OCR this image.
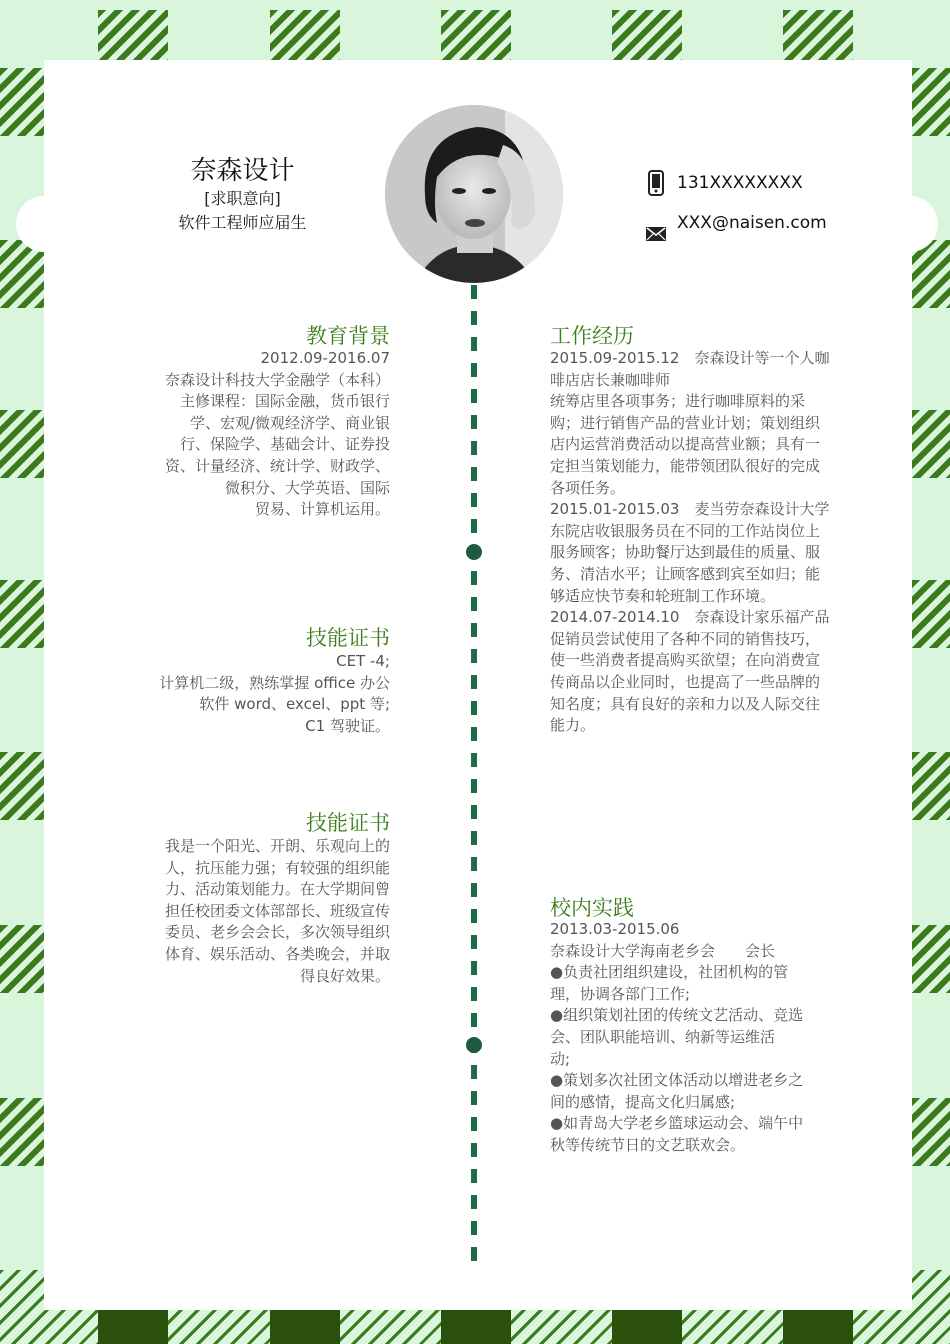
奈森设计
[求职意向]
软件工程师应届生
131XXXXXXXX
XXX@naisen.com
教育背景

2012.09-2016.07

奈森设计科技大学金融学（本科）

主修课程：国际金融，货币银行

学、宏观/微观经济学、商业银

行、保险学、基础会计、证券投

资、计量经济、统计学、财政学、

微积分、大学英语、国际

贸易、计算机运用。

技能证书

CET -4;

计算机二级，熟练掌握 office 办公

软件 word、excel、ppt 等;

C1 驾驶证。

技能证书

我是一个阳光、开朗、乐观向上的

人，抗压能力强；有较强的组织能

力、活动策划能力。在大学期间曾

担任校团委文体部部长、班级宣传

委员、老乡会会长，多次领导组织

体育、娱乐活动、各类晚会，并取

得良好效果。

工作经历

2015.09-2015.12　奈森设计等一个人咖

啡店店长兼咖啡师

统筹店里各项事务；进行咖啡原料的采

购；进行销售产品的营业计划；策划组织

店内运营消费活动以提高营业额；具有一

定担当策划能力，能带领团队很好的完成

各项任务。

2015.01-2015.03　麦当劳奈森设计大学

东院店收银服务员在不同的工作站岗位上

服务顾客；协助餐厅达到最佳的质量、服

务、清洁水平；让顾客感到宾至如归；能

够适应快节奏和轮班制工作环境。

2014.07-2014.10　奈森设计家乐福产品

促销员尝试使用了各种不同的销售技巧，

使一些消费者提高购买欲望；在向消费宣

传商品以企业同时，也提高了一些品牌的

知名度；具有良好的亲和力以及人际交往

能力。

校内实践

2013.03-2015.06

奈森设计大学海南老乡会　　会长

●负责社团组织建设，社团机构的管

理，协调各部门工作;

●组织策划社团的传统文艺活动、竞选

会、团队职能培训、纳新等运维活

动;

●策划多次社团文体活动以增进老乡之

间的感情，提高文化归属感;

●如青岛大学老乡篮球运动会、端午中

秋等传统节日的文艺联欢会。
